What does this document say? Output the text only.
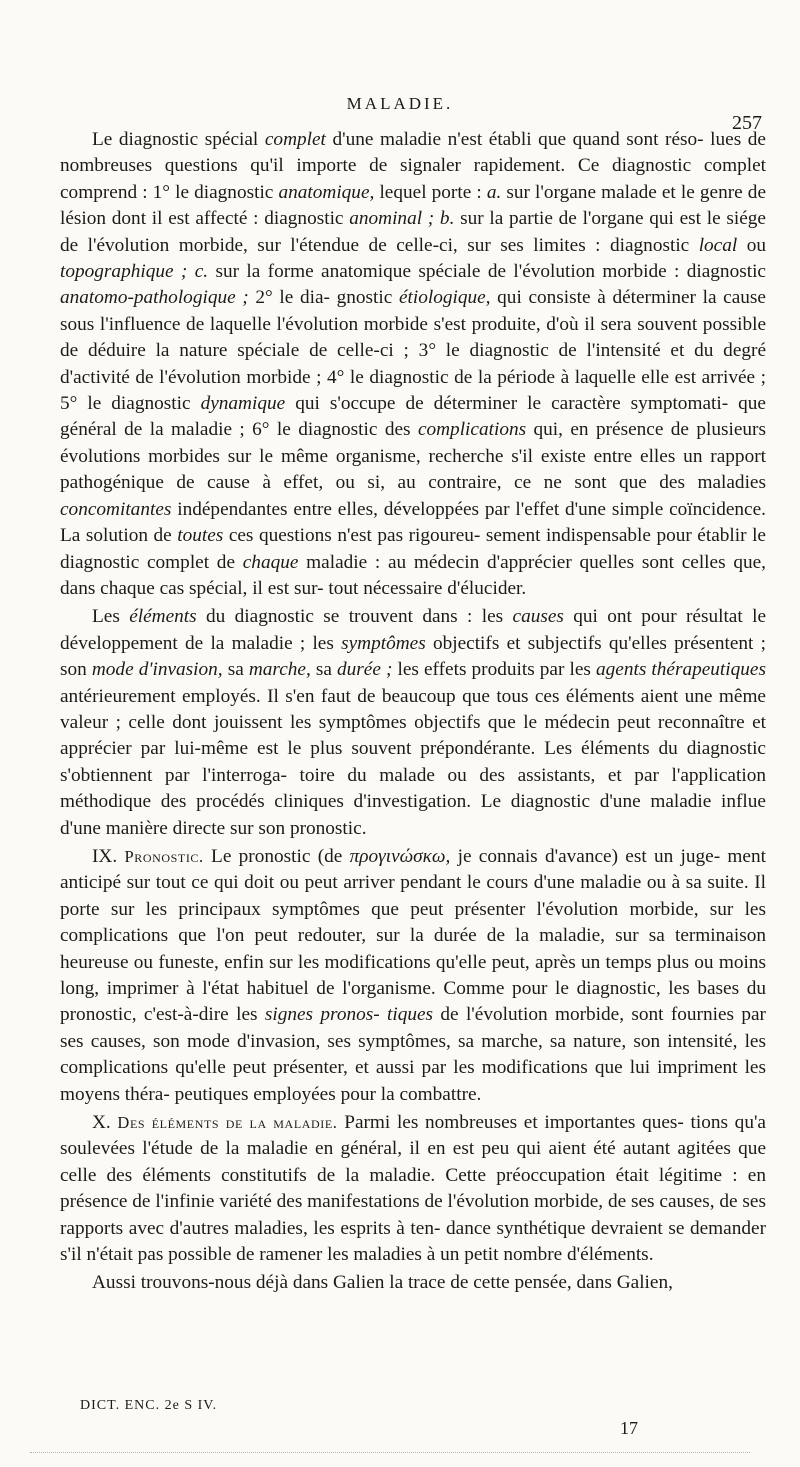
MALADIE.
257

Le diagnostic spécial complet d'une maladie n'est établi que quand sont réso- lues de nombreuses questions qu'il importe de signaler rapidement. Ce diagnostic complet comprend : 1° le diagnostic anatomique, lequel porte : a. sur l'organe malade et le genre de lésion dont il est affecté : diagnostic anominal ; b. sur la partie de l'organe qui est le siége de l'évolution morbide, sur l'étendue de celle-ci, sur ses limites : diagnostic local ou topographique ; c. sur la forme anatomique spéciale de l'évolution morbide : diagnostic anatomo-pathologique ; 2° le dia- gnostic étiologique, qui consiste à déterminer la cause sous l'influence de laquelle l'évolution morbide s'est produite, d'où il sera souvent possible de déduire la nature spéciale de celle-ci ; 3° le diagnostic de l'intensité et du degré d'activité de l'évolution morbide ; 4° le diagnostic de la période à laquelle elle est arrivée ; 5° le diagnostic dynamique qui s'occupe de déterminer le caractère symptomati- que général de la maladie ; 6° le diagnostic des complications qui, en présence de plusieurs évolutions morbides sur le même organisme, recherche s'il existe entre elles un rapport pathogénique de cause à effet, ou si, au contraire, ce ne sont que des maladies concomitantes indépendantes entre elles, développées par l'effet d'une simple coïncidence. La solution de toutes ces questions n'est pas rigoureu- sement indispensable pour établir le diagnostic complet de chaque maladie : au médecin d'apprécier quelles sont celles que, dans chaque cas spécial, il est sur- tout nécessaire d'élucider.

Les éléments du diagnostic se trouvent dans : les causes qui ont pour résultat le développement de la maladie ; les symptômes objectifs et subjectifs qu'elles présentent ; son mode d'invasion, sa marche, sa durée ; les effets produits par les agents thérapeutiques antérieurement employés. Il s'en faut de beaucoup que tous ces éléments aient une même valeur ; celle dont jouissent les symptômes objectifs que le médecin peut reconnaître et apprécier par lui-même est le plus souvent prépondérante. Les éléments du diagnostic s'obtiennent par l'interroga- toire du malade ou des assistants, et par l'application méthodique des procédés cliniques d'investigation. Le diagnostic d'une maladie influe d'une manière directe sur son pronostic.

IX. Pronostic. Le pronostic (de προγινώσκω, je connais d'avance) est un juge- ment anticipé sur tout ce qui doit ou peut arriver pendant le cours d'une maladie ou à sa suite. Il porte sur les principaux symptômes que peut présenter l'évolution morbide, sur les complications que l'on peut redouter, sur la durée de la maladie, sur sa terminaison heureuse ou funeste, enfin sur les modifications qu'elle peut, après un temps plus ou moins long, imprimer à l'état habituel de l'organisme. Comme pour le diagnostic, les bases du pronostic, c'est-à-dire les signes pronos- tiques de l'évolution morbide, sont fournies par ses causes, son mode d'invasion, ses symptômes, sa marche, sa nature, son intensité, les complications qu'elle peut présenter, et aussi par les modifications que lui impriment les moyens théra- peutiques employées pour la combattre.

X. Des éléments de la maladie. Parmi les nombreuses et importantes ques- tions qu'a soulevées l'étude de la maladie en général, il en est peu qui aient été autant agitées que celle des éléments constitutifs de la maladie. Cette préoccupation était légitime : en présence de l'infinie variété des manifestations de l'évolution morbide, de ses causes, de ses rapports avec d'autres maladies, les esprits à ten- dance synthétique devraient se demander s'il n'était pas possible de ramener les maladies à un petit nombre d'éléments.

Aussi trouvons-nous déjà dans Galien la trace de cette pensée, dans Galien,

DICT. ENC. 2e S IV.
17
